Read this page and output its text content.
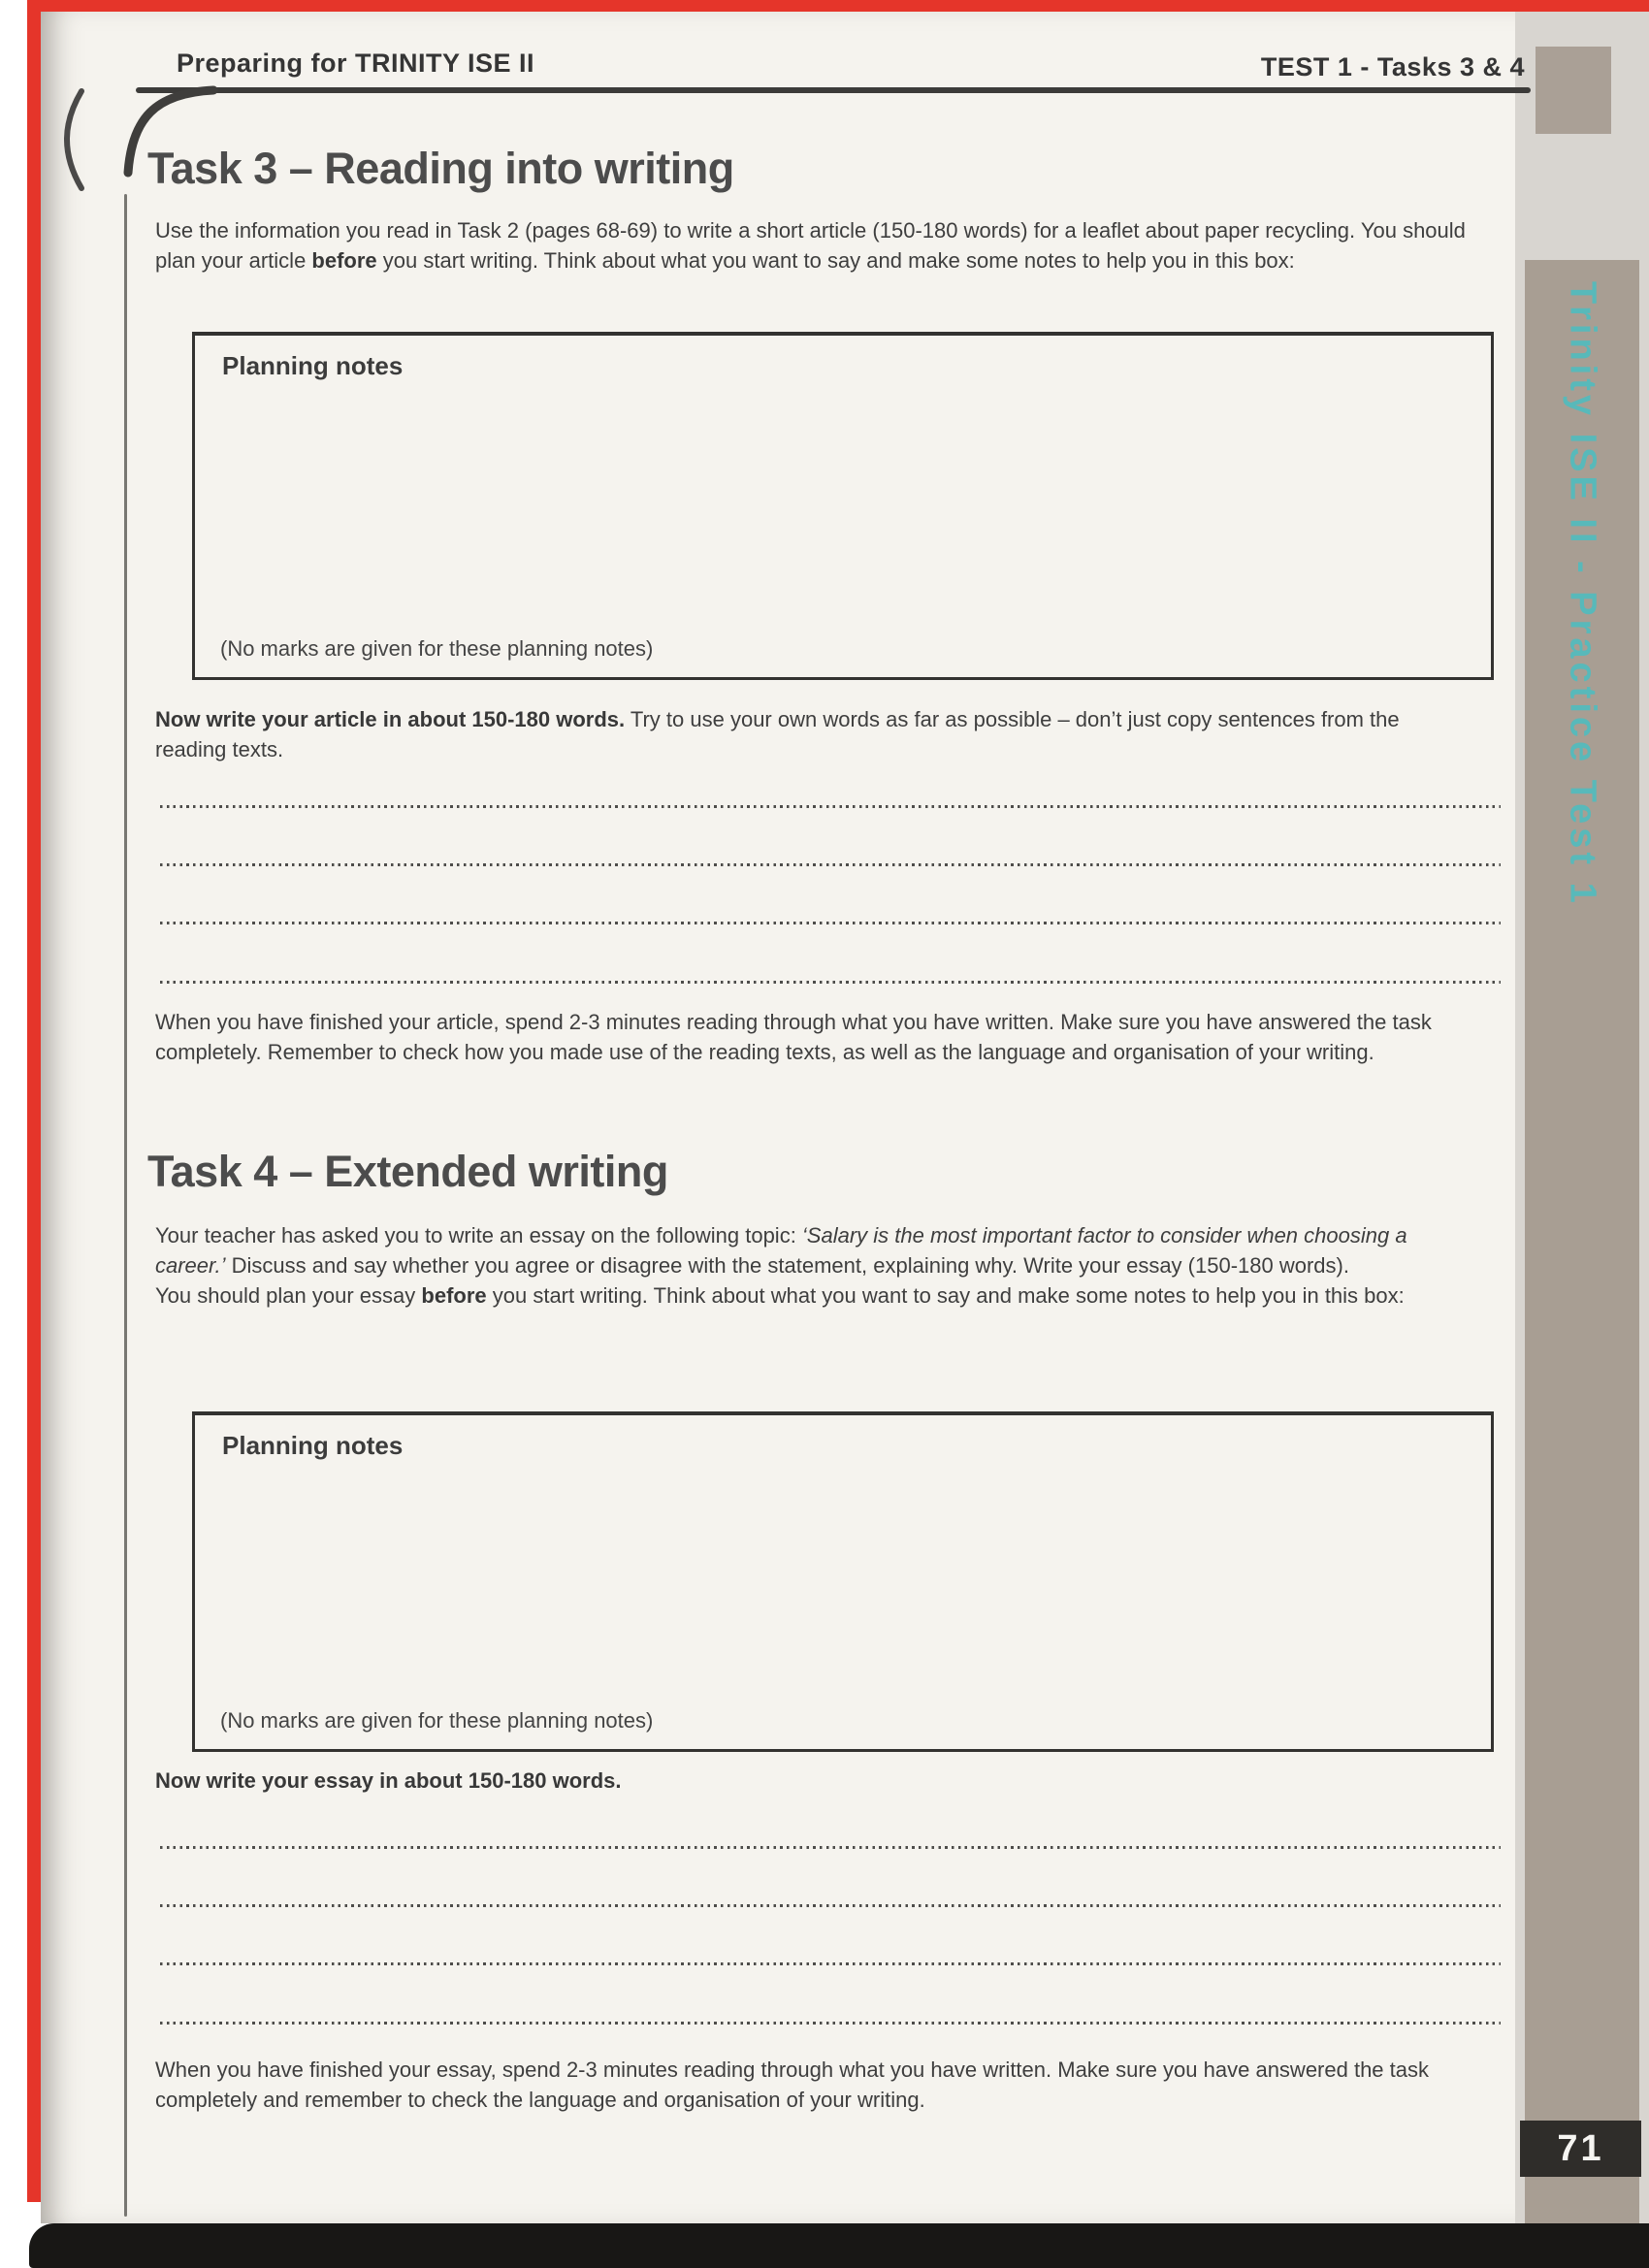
Trinity ISE II - Practice Test 1
71
Preparing for TRINITY ISE II	TEST 1 - Tasks 3 & 4
Task 3 – Reading into writing

Use the information you read in Task 2 (pages 68-69) to write a short article (150-180 words) for a leaflet about paper recycling. You should plan your article before you start writing. Think about what you want to say and make some notes to help you in this box:

Planning notes
(No marks are given for these planning notes)

Now write your article in about 150-180 words. Try to use your own words as far as possible – don’t just copy sentences from the reading texts.

When you have finished your article, spend 2-3 minutes reading through what you have written. Make sure you have answered the task completely. Remember to check how you made use of the reading texts, as well as the language and organisation of your writing.

Task 4 – Extended writing

Your teacher has asked you to write an essay on the following topic: ‘Salary is the most important factor to consider when choosing a career.’ Discuss and say whether you agree or disagree with the statement, explaining why. Write your essay (150-180 words).

You should plan your essay before you start writing. Think about what you want to say and make some notes to help you in this box:

Planning notes
(No marks are given for these planning notes)

Now write your essay in about 150-180 words.

When you have finished your essay, spend 2-3 minutes reading through what you have written. Make sure you have answered the task completely and remember to check the language and organisation of your writing.
